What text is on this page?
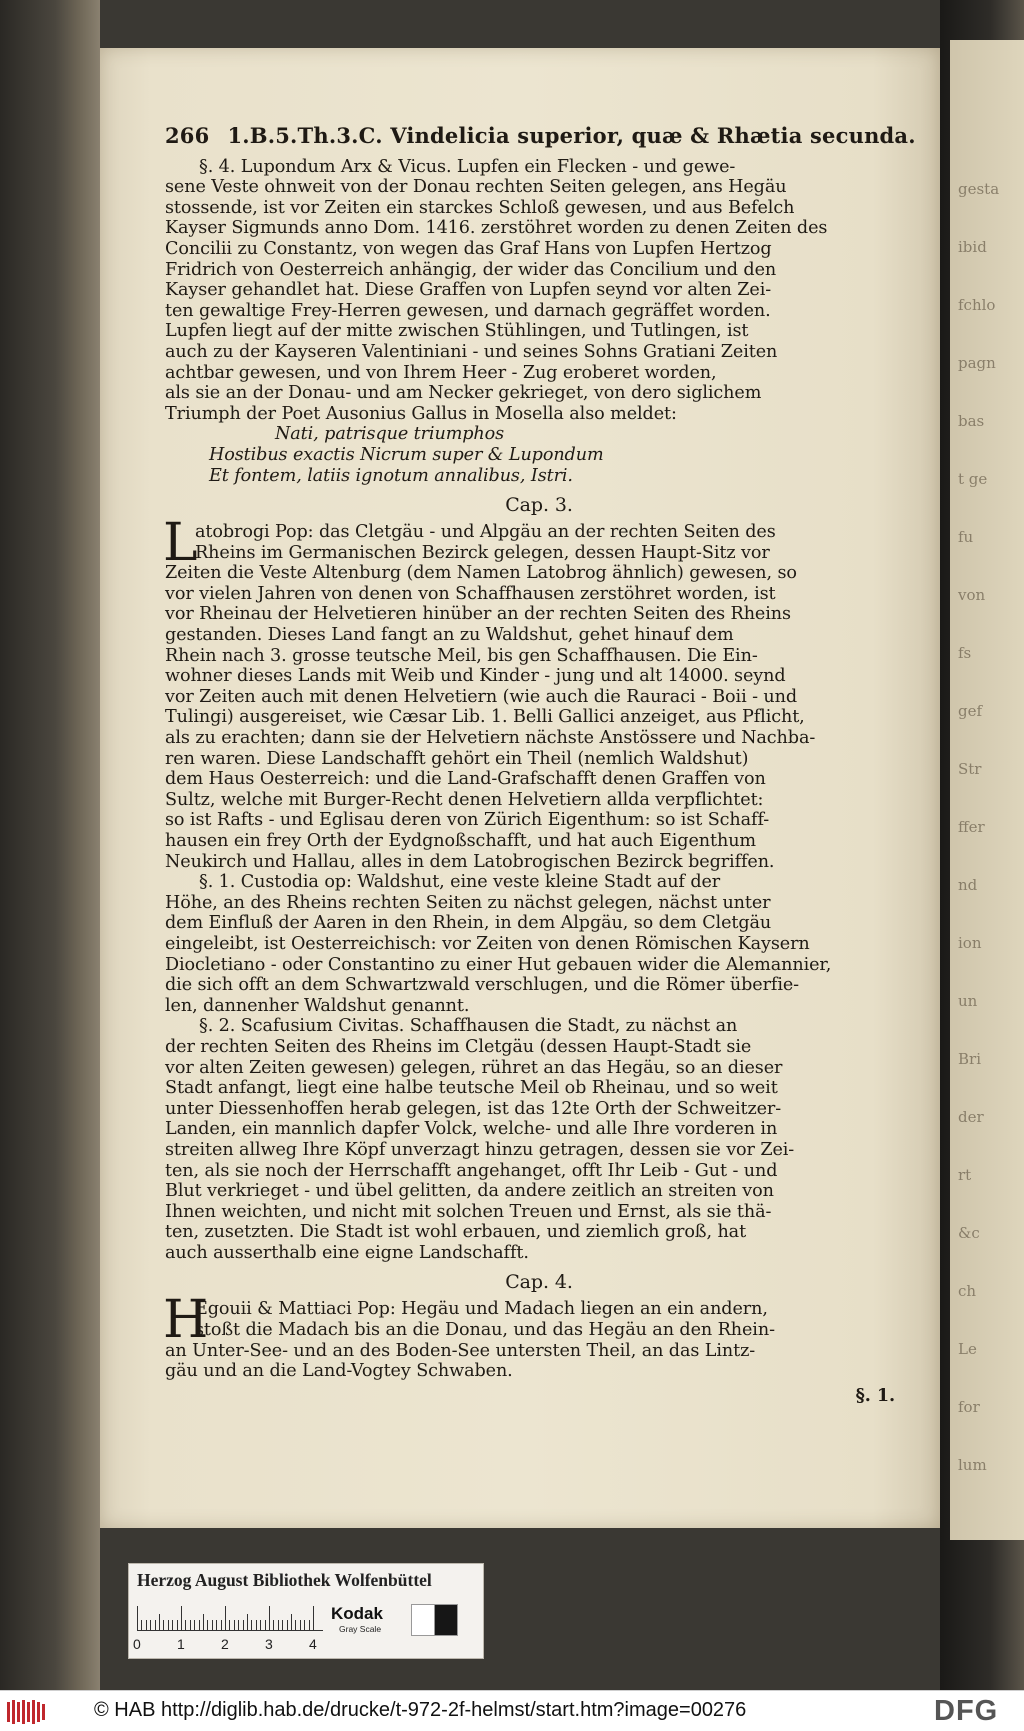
gesta
ibid
fchlo
pagn
bas
t ge
fu
von
fs
gef
Str
ffer
nd
ion
un
Bri
der
rt
&c
ch
Le
for
lum
266 1.B.5.Th.3.C. Vindelicia superior, quæ & Rhætia secunda.
§. 4. Lupondum Arx & Vicus. Lupfen ein Flecken - und gewe-
sene Veste ohnweit von der Donau rechten Seiten gelegen, ans Hegäu
stossende, ist vor Zeiten ein starckes Schloß gewesen, und aus Befelch
Kayser Sigmunds anno Dom. 1416. zerstöhret worden zu denen Zeiten des
Concilii zu Constantz, von wegen das Graf Hans von Lupfen Hertzog
Fridrich von Oesterreich anhängig, der wider das Concilium und den
Kayser gehandlet hat. Diese Graffen von Lupfen seynd vor alten Zei-
ten gewaltige Frey-Herren gewesen, und darnach gegräffet worden.
Lupfen liegt auf der mitte zwischen Stühlingen, und Tutlingen, ist
auch zu der Kayseren Valentiniani - und seines Sohns Gratiani Zeiten
achtbar gewesen, und von Ihrem Heer - Zug eroberet worden,
als sie an der Donau- und am Necker gekrieget, von dero siglichem
Triumph der Poet Ausonius Gallus in Mosella also meldet:
Nati, patrisque triumphos
Hostibus exactis Nicrum super & Lupondum
Et fontem, latiis ignotum annalibus, Istri.
Cap. 3.
L
atobrogi Pop: das Cletgäu - und Alpgäu an der rechten Seiten des
Rheins im Germanischen Bezirck gelegen, dessen Haupt-Sitz vor
Zeiten die Veste Altenburg (dem Namen Latobrog ähnlich) gewesen, so
vor vielen Jahren von denen von Schaffhausen zerstöhret worden, ist
vor Rheinau der Helvetieren hinüber an der rechten Seiten des Rheins
gestanden. Dieses Land fangt an zu Waldshut, gehet hinauf dem
Rhein nach 3. grosse teutsche Meil, bis gen Schaffhausen. Die Ein-
wohner dieses Lands mit Weib und Kinder - jung und alt 14000. seynd
vor Zeiten auch mit denen Helvetiern (wie auch die Rauraci - Boii - und
Tulingi) ausgereiset, wie Cæsar Lib. 1. Belli Gallici anzeiget, aus Pflicht,
als zu erachten; dann sie der Helvetiern nächste Anstössere und Nachba-
ren waren. Diese Landschafft gehört ein Theil (nemlich Waldshut)
dem Haus Oesterreich: und die Land-Grafschafft denen Graffen von
Sultz, welche mit Burger-Recht denen Helvetiern allda verpflichtet:
so ist Rafts - und Eglisau deren von Zürich Eigenthum: so ist Schaff-
hausen ein frey Orth der Eydgnoßschafft, und hat auch Eigenthum
Neukirch und Hallau, alles in dem Latobrogischen Bezirck begriffen.
§. 1. Custodia op: Waldshut, eine veste kleine Stadt auf der
Höhe, an des Rheins rechten Seiten zu nächst gelegen, nächst unter
dem Einfluß der Aaren in den Rhein, in dem Alpgäu, so dem Cletgäu
eingeleibt, ist Oesterreichisch: vor Zeiten von denen Römischen Kaysern
Diocletiano - oder Constantino zu einer Hut gebauen wider die Alemannier,
die sich offt an dem Schwartzwald verschlugen, und die Römer überfie-
len, dannenher Waldshut genannt.
§. 2. Scafusium Civitas. Schaffhausen die Stadt, zu nächst an
der rechten Seiten des Rheins im Cletgäu (dessen Haupt-Stadt sie
vor alten Zeiten gewesen) gelegen, rühret an das Hegäu, so an dieser
Stadt anfangt, liegt eine halbe teutsche Meil ob Rheinau, und so weit
unter Diessenhoffen herab gelegen, ist das 12te Orth der Schweitzer-
Landen, ein mannlich dapfer Volck, welche- und alle Ihre vorderen in
streiten allweg Ihre Köpf unverzagt hinzu getragen, dessen sie vor Zei-
ten, als sie noch der Herrschafft angehanget, offt Ihr Leib - Gut - und
Blut verkrieget - und übel gelitten, da andere zeitlich an streiten von
Ihnen weichten, und nicht mit solchen Treuen und Ernst, als sie thä-
ten, zusetzten. Die Stadt ist wohl erbauen, und ziemlich groß, hat
auch ausserthalb eine eigne Landschafft.
Cap. 4.
H
Egouii & Mattiaci Pop: Hegäu und Madach liegen an ein andern,
stoßt die Madach bis an die Donau, und das Hegäu an den Rhein-
an Unter-See- und an des Boden-See untersten Theil, an das Lintz-
gäu und an die Land-Vogtey Schwaben.
§. 1.
Herzog August Bibliothek Wolfenbüttel
0	1	2	3	4
Kodak
Gray Scale
© HAB http://diglib.hab.de/drucke/t-972-2f-helmst/start.htm?image=00276	DFG
